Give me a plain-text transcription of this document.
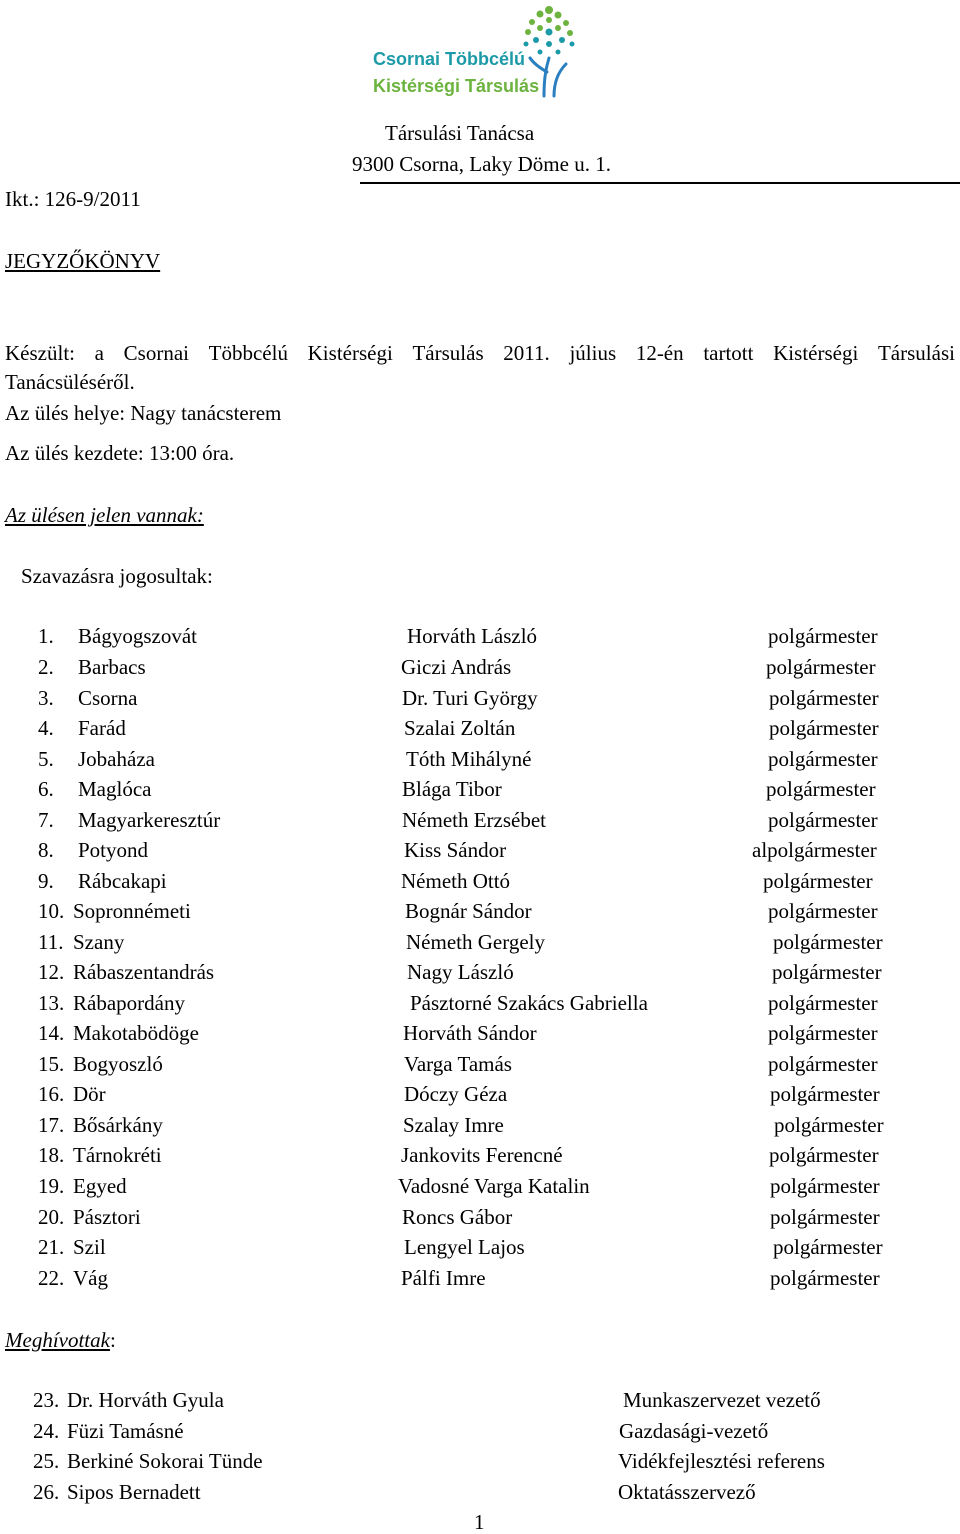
Csornai Többcélú
Kistérségi Társulás
Társulási Tanácsa
9300 Csorna, Laky Döme u. 1.
Ikt.: 126-9/2011
JEGYZŐKÖNYV
Készült: a Csornai Többcélú Kistérségi Társulás 2011. július 12-én tartott Kistérségi Társulási
Tanácsüléséről.
Az ülés helye: Nagy tanácsterem
Az ülés kezdete: 13:00 óra.
Az ülésen jelen vannak:
Szavazásra jogosultak:
1. Bágyogszovát	Horváth László	polgármester
2. Barbacs	Giczi András	polgármester
3. Csorna	Dr. Turi György	polgármester
4. Farád	Szalai Zoltán	polgármester
5. Jobaháza	Tóth Mihályné	polgármester
6. Maglóca	Blága Tibor	polgármester
7. Magyarkeresztúr	Németh Erzsébet	polgármester
8. Potyond	Kiss Sándor	alpolgármester
9. Rábcakapi	Németh Ottó	polgármester
10. Sopronnémeti	Bognár Sándor	polgármester
11. Szany	Németh Gergely	polgármester
12. Rábaszentandrás	Nagy László	polgármester
13. Rábapordány	Pásztorné Szakács Gabriella	polgármester
14. Makotabödöge	Horváth Sándor	polgármester
15. Bogyoszló	Varga Tamás	polgármester
16. Dör	Dóczy Géza	polgármester
17. Bősárkány	Szalay Imre	polgármester
18. Tárnokréti	Jankovits Ferencné	polgármester
19. Egyed	Vadosné Varga Katalin	polgármester
20. Pásztori	Roncs Gábor	polgármester
21. Szil	Lengyel Lajos	polgármester
22. Vág	Pálfi Imre	polgármester
Meghívottak:
23. Dr. Horváth Gyula	Munkaszervezet vezető
24. Füzi Tamásné	Gazdasági-vezető
25. Berkiné Sokorai Tünde	Vidékfejlesztési referens
26. Sipos Bernadett	Oktatásszervező
1
